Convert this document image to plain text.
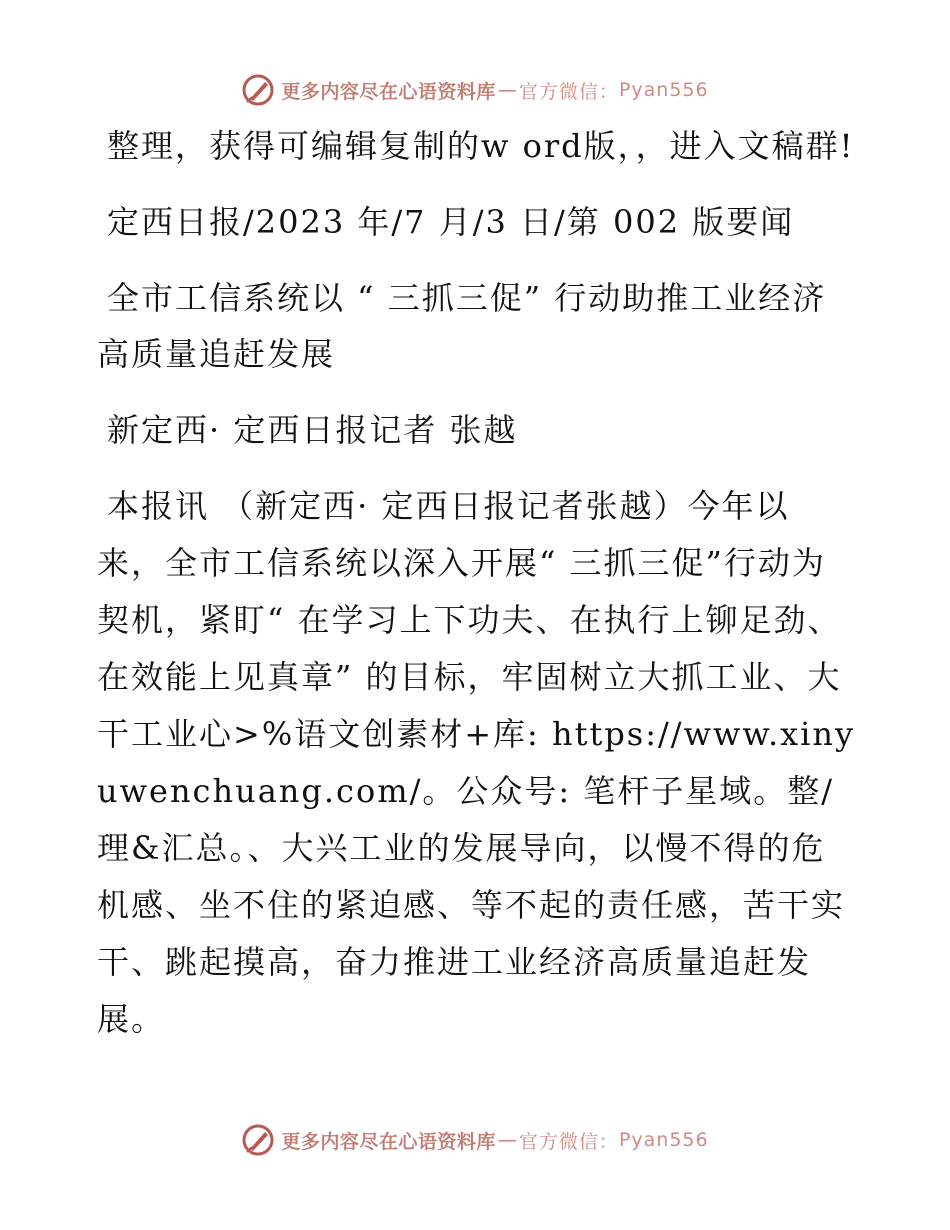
更多内容尽在心语资料库 — 官方微信： Pyan556

整理，获得可编辑复制的w ord版，，进入文稿群!

定西日报/2023 年/7 月/3 日/第 002 版要闻

全市工信系统以 “ 三抓三促” 行动助推工业经济高质量追赶发展

新定西· 定西日报记者 张越

本报讯 （新定西· 定西日报记者张越）今年以来，全市工信系统以深入开展“ 三抓三促”行动为契机，紧盯“ 在学习上下功夫、在执行上铆足劲、在效能上见真章” 的目标，牢固树立大抓工业、大干工业心>%语文创素材+库: https://www.xinyuwenchuang.com/。公众号: 笔杆子星域。整/理&汇总。、大兴工业的发展导向，以慢不得的危机感、坐不住的紧迫感、等不起的责任感，苦干实干、跳起摸高，奋力推进工业经济高质量追赶发展。

更多内容尽在心语资料库 — 官方微信： Pyan556
